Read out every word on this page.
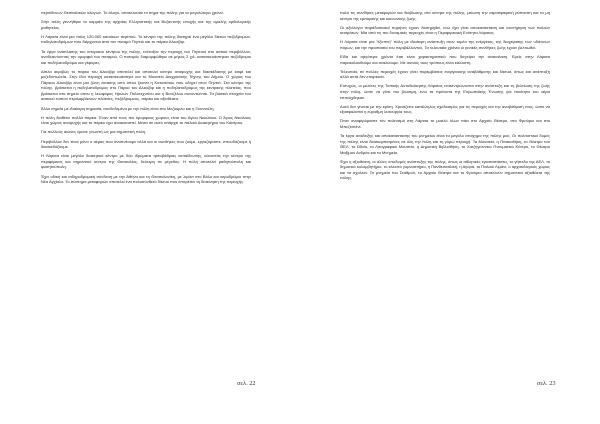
περιόδευων Θεσσαλικών αλόγων. Το άλογο, αποτελούσε το σήμα της πόλης για το μεγαλύτερο χρόνο.

Στην πόλη γεννήθηκε το κομμάτι της αρχαίας Ελληνιστικής και Βυζαντινής εποχής και της ομαλής ορθολογικής μαθητείας.

Η Λάρισα είναι μια πόλη 120.000 κατοίκων περίπου. Το κέντρο της πόλης διατηρεί ένα μεγάλο δίκτυο πεζόδρομων, ποδηλατοδρόμων που διέρχονται από τον ποταμό Πηνειό και το πάρκο Αλκαζάρ.

Τα έργα ανάπλασης του ιστορικού κέντρου της πόλης, ενέταξαν την περιοχή του Πηνειού στο αστικό περιβάλλον, αναδεικνύοντας την ομορφιά του ποταμού. Ο ποταμός διαμορφώθηκε σε μήκος 2 χιλ. κατασκευάστηκαν πεζόδρομοι και ποδηλατοδρόμοι και γέφυρες.

Δίπλα ακριβώς το πάρκο του Αλκαζάρ αποτελεί και αποτελεί κέντρο αναψυχής και διασκέδασης με καφέ και μεζεδοπωλεία. Στην ίδια περιοχή κατασκευάστηκε και το Μουσείο Διαχρονικής Τέχνης του Δήμου. Ο χώρος του Πάρκου Αλκαζάρ είναι μια ζώνη έκτασης από όπου ξεκινά η Καταπότου που οδηγεί στον Πηνειό. Στο κέντρο της πόλης, βρίσκεται η ποδηλατοδρόμος στο Πάρκο του Αλκαζάρ και η ποδηλατοδρόμος της κεντρικής πλατείας, που βρίσκεται στο σημείο όπου η λεωφόρος Ηρώων Πολυτεχνείου και η Βενιζέλου συναντώνται. Τα βασικά στοιχεία του αστικού τοπίου περιλαμβάνουν πλατείες, πεζόδρομους, πάρκα και αξιοθέατα.

Άλλα σημεία με ιδιαίτερη σημασία, συνδεδεμένα με την πόλη είναι στο Μεζούρλο και η Γιαννούλη.

Η πόλη διαθέτει πολλά πάρκα. Έναν από τους πιο όμορφους χώρους είναι του Αγίου Νικολάου. Ο Άγιος Νικόλαος είναι χώρος αναψυχής και το πάρκο έχει ανακαινιστεί. Μέσα σε αυτό υπάρχει το παλαιό Διοικητήριο του Κάστρου.

Για πολλούς αιώνες έμεινε γνωστή ως μια σημαντική πόλη.

Περιβάλλον δεν είναι μόνο ο αέρας που αναπνέουμε αλλά και οι συνθήκες που ζούμε, εργαζόμαστε, σπουδάζουμε ή διασκεδάζουμε.

Η Λάρισα είναι μεγάλο διοικητικό κέντρο με δύο ιδρύματα τριτοβάθμιας εκπαίδευσης, κάνοντάς την κέντρο της περιφέρειας και σημαντικό κέντρο της Θεσσαλίας, δεύτερη σε μέγεθος. Η πόλη αποτελεί μαθητούπολη και φοιτητούπολη.

Έχει οδική και σιδηροδρομική σύνδεση με την Αθήνα και τη Θεσσαλονίκη, με λιμάνι στο Βόλο και αεροδρόμιο στην Νέα Αγχίαλο. Το σύστημα μεταφορών αποτελεί ένα πολυσύνθετο δίκτυο που επιτρέπει τη διακίνηση της περιοχής.

σελ. 22

πολύ τις συνθήκες μεταφορών και διαβίωσης στο κέντρο της πόλης, μείωση την ατμοσφαιρική ρύπανση και το μη κέντρο της εμπορικής και κοινωνικής ζωής.

Οι αξιόλογοι παράδοσιακοί πυρήνες έχουν διατηρηθεί, ενώ έχει γίνει αποκατάσταση και συντήρηση των παλιών κτισμάτων. Μία από τις πιο δυναμικές περιοχές είναι η Περιφερειακή Ενότητα Λάρισας.

Η Λάρισα είναι μια "έξυπνη" πόλη με ιδιαίτερη ανάπτυξη στον τομέα της ενέργειας, της διαχείρισης των υδάτινων πόρων, και την προστασία του περιβάλλοντος. Τα τελευταία χρόνια οι γενικές συνθήκες ζωής έχουν βελτιωθεί.

Είδα και αργότερα χρόνια έτσι είναι χαρακτηριστικό που διεγείρει την ανακαίνιση. Εμείς στην Λάρισα παρακολουθούμε και αναλύουμε. Με αυτούς τους τρόπους είναι κάλλιστη.

Τελευταία, σε πολλές περιοχές έχουν γίνει παρεμβάσεις ενεργειακής αναβάθμισης και δίκτυα, όπως και ανάπτυξη αλλά αυτά δεν επαρκούν.

Ευτυχώς, οι μελέτες της Τοπικής Αυτοδιοίκησης Λάρισας επικεντρώνονται στην ανάπτυξη και τη βελτίωση της ζωής στην πόλη, ώστε να γίνει πιο βιώσιμη, ενώ τα πρότυπα της Ευρωπαϊκής Ένωσης για ποιότητα του αέρα επιτεύχθηκαν.

Αυτό δεν γίνεται με την κρίση. Χρειάζεται κατάλληλος σχεδιασμός για τις περιοχές και την αναβάθμιση τους, ώστε να εξασφαλιστεί η εύρυθμη λειτουργία τους.

Όταν αναφερόμαστε τον πολιτισμό στη Λάρισα το μυαλό όλων πάει στο Αρχαίο Θέατρο, στο Φρούριο και στο Μπεζεστένι.

Τα έργα ανάδειξης και αποκατάστασης του μνημείου είναι το μεγάλο στοίχημα της πόλης μας. Οι πολιτιστικοί δομές της πόλης είναι διασκορπισμένες σε όλη την πόλη και τη γύρω περιοχή. Τα Μουσεία, η Πινακοθήκη, το Θέατρο του ΘΕΛ, το Ωδείο, το Λαογραφικό Μουσείο, η Δημοτική Βιβλιοθήκη, το Χατζηγιάννειο Πνευματικό Κέντρο, το Θέατρο Μαξίμου Ανδρέα και τα Μνημεία.

Έχει η αξιοθέατη, οι άλλες υποδομές ανάπτυξης της πόλης, όπως οι αθλητικές εγκαταστάσεις, το γήπεδο της ΑΕΛ, το δημοτικό κολυμβητήριο, το κλειστό γυμναστήριο, η Πανθεσσαλική, η Αγορά, το Παλαιό Λιμάνι, ο αρχαιολογικός χώρος και τα σχολεία. Τα μνημεία του Σταθμού, το Αρχαίο Θέατρο και το Φρούριο αποτελούν σημαντικά αξιοθέατα της πόλης.

σελ. 23
